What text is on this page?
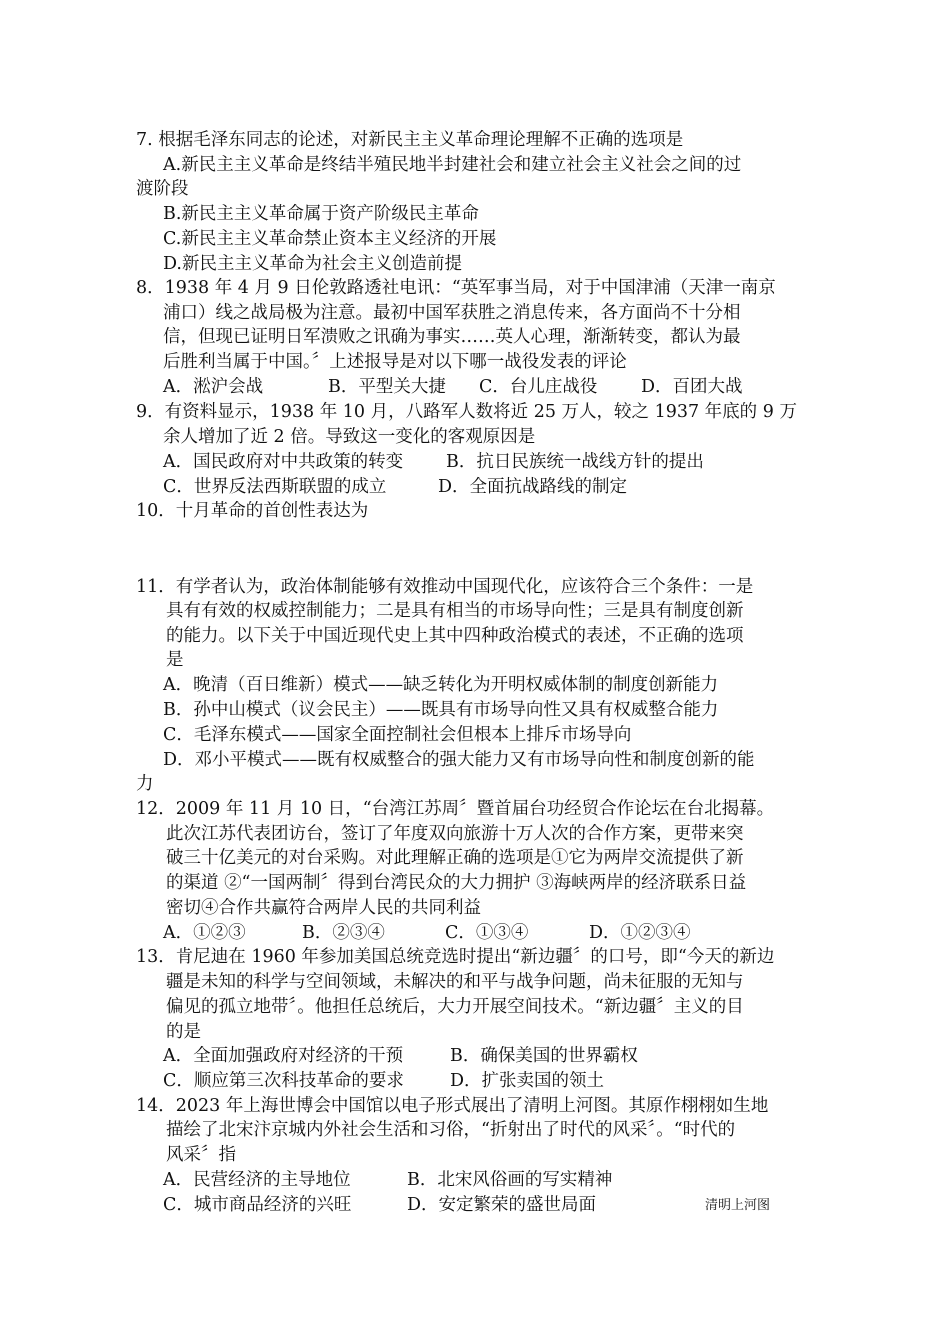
7. 根据毛泽东同志的论述，对新民主主义革命理论理解不正确的选项是
A.新民主主义革命是终结半殖民地半封建社会和建立社会主义社会之间的过
渡阶段
B.新民主主义革命属于资产阶级民主革命
C.新民主主义革命禁止资本主义经济的开展
D.新民主主义革命为社会主义创造前提
8．1938 年 4 月 9 日伦敦路透社电讯：“英军事当局，对于中国津浦（天津一南京
浦口）线之战局极为注意。最初中国军获胜之消息传来，各方面尚不十分相
信，但现已证明日军溃败之讯确为事实……英人心理，渐渐转变，都认为最
后胜利当属于中国。〞上述报导是对以下哪一战役发表的评论
A．淞沪会战	B．平型关大捷 C．台儿庄战役 D．百团大战
9．有资料显示，1938 年 10 月，八路军人数将近 25 万人，较之 1937 年底的 9 万
余人增加了近 2 倍。导致这一变化的客观原因是
A．国民政府对中共政策的转变 B．抗日民族统一战线方针的提出
C．世界反法西斯联盟的成立	D．全面抗战路线的制定
10．十月革命的首创性表达为
11．有学者认为，政治体制能够有效推动中国现代化，应该符合三个条件：一是
具有有效的权威控制能力；二是具有相当的市场导向性；三是具有制度创新
的能力。以下关于中国近现代史上其中四种政治模式的表述，不正确的选项
是
A．晚清（百日维新）模式——缺乏转化为开明权威体制的制度创新能力
B．孙中山模式（议会民主）——既具有市场导向性又具有权威整合能力
C．毛泽东模式——国家全面控制社会但根本上排斥市场导向
D．邓小平模式——既有权威整合的强大能力又有市场导向性和制度创新的能
力
12．2009 年 11 月 10 日，“台湾江苏周〞暨首届台功经贸合作论坛在台北揭幕。
此次江苏代表团访台，签订了年度双向旅游十万人次的合作方案，更带来突
破三十亿美元的对台采购。对此理解正确的选项是①它为两岸交流提供了新
的渠道 ②“一国两制〞得到台湾民众的大力拥护 ③海峡两岸的经济联系日益
密切④合作共赢符合两岸人民的共同利益
A．①②③	B．②③④	C．①③④	D．①②③④
13．肯尼迪在 1960 年参加美国总统竞选时提出“新边疆〞的口号，即“今天的新边
疆是未知的科学与空间领域，未解决的和平与战争问题，尚未征服的无知与
偏见的孤立地带〞。他担任总统后，大力开展空间技术。“新边疆〞主义的目
的是
A．全面加强政府对经济的干预	B．确保美国的世界霸权
C．顺应第三次科技革命的要求	D．扩张卖国的领土
14．2023 年上海世博会中国馆以电子形式展出了清明上河图。其原作栩栩如生地
描绘了北宋汴京城内外社会生活和习俗，“折射出了时代的风采〞。“时代的
风采〞指
A．民营经济的主导地位	B．北宋风俗画的写实精神
C．城市商品经济的兴旺	D．安定繁荣的盛世局面	清明上河图
